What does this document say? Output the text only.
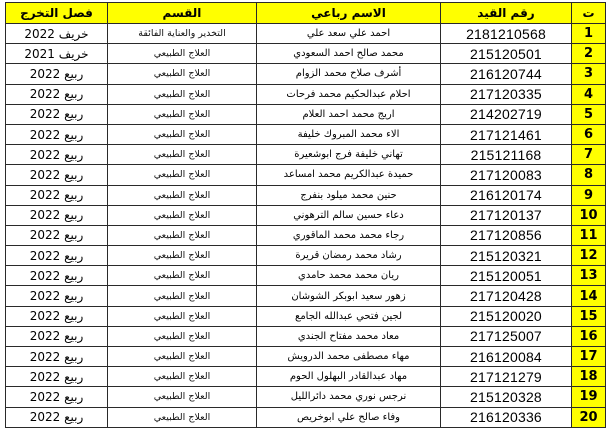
ت	رقم القيد	الاسم رباعي	القسم	فصل التخرج
1	2181210568	احمد علي سعد علي	التخدير والعناية الفائقة	خريف 2022
2	215120501	محمد صالح احمد السعودي	العلاج الطبيعي	خريف 2021
3	216120744	أشرف صلاح محمد الزوام	العلاج الطبيعي	ربيع 2022
4	217120335	احلام عبدالحكيم محمد فرحات	العلاج الطبيعي	ربيع 2022
5	214202719	اريج محمد احمد العلام	العلاج الطبيعي	ربيع 2022
6	217121461	الاء محمد المبروك خليفة	العلاج الطبيعي	ربيع 2022
7	215121168	تهاني خليفة فرج ابوشعيرة	العلاج الطبيعي	ربيع 2022
8	217120083	حميدة عبدالكريم محمد امساعد	العلاج الطبيعي	ربيع 2022
9	216120174	حنين محمد ميلود بنفرج	العلاج الطبيعي	ربيع 2022
10	217120137	دعاء حسين سالم الترهوني	العلاج الطبيعي	ربيع 2022
11	217120856	رجاء محمد محمد الماقوري	العلاج الطبيعي	ربيع 2022
12	215120321	رشاد محمد رمضان قريرة	العلاج الطبيعي	ربيع 2022
13	215120051	ريان محمد محمد حامدي	العلاج الطبيعي	ربيع 2022
14	217120428	زهور سعيد ابوبكر الشوشان	العلاج الطبيعي	ربيع 2022
15	215120020	لجين فتحي عبدالله الجامع	العلاج الطبيعي	ربيع 2022
16	217125007	معاد محمد مفتاح الجندي	العلاج الطبيعي	ربيع 2022
17	216120084	مهاء مصطفى محمد الدرويش	العلاج الطبيعي	ربيع 2022
18	217121279	مهاد عبدالقادر البهلول الحوم	العلاج الطبيعي	ربيع 2022
19	215120328	نرجس نوري محمد دائرالليل	العلاج الطبيعي	ربيع 2022
20	216120336	وفاء صالح علي ابوخريص	العلاج الطبيعي	ربيع 2022
